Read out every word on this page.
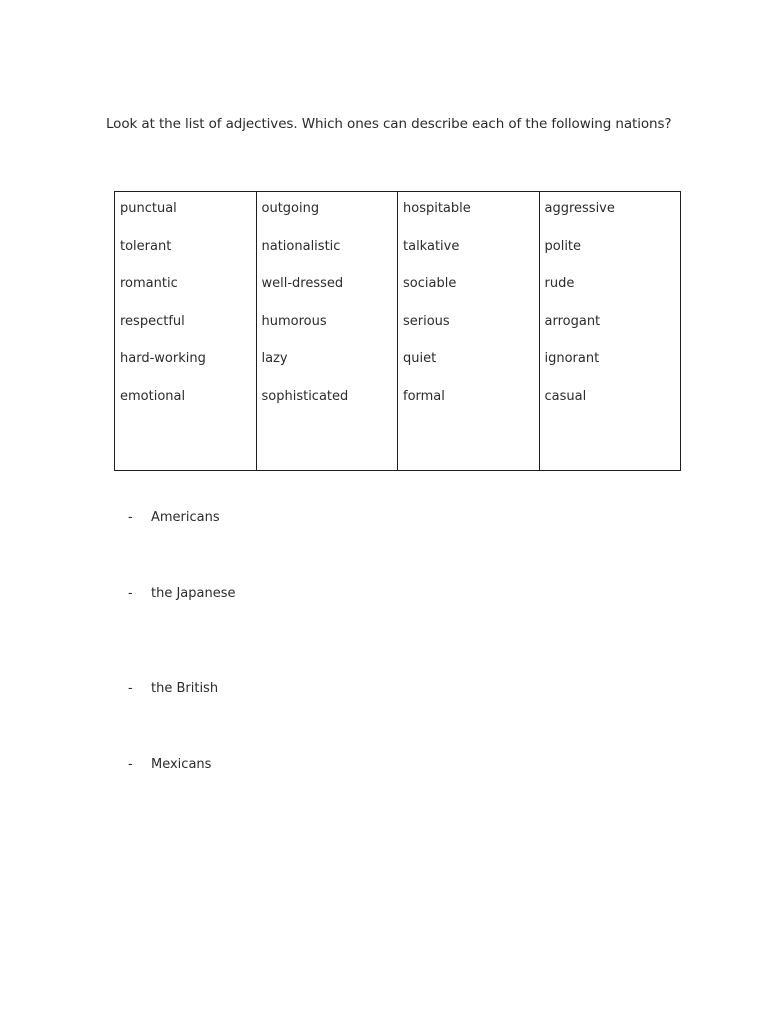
Look at the list of adjectives. Which ones can describe each of the following nations?
punctual
tolerant
romantic
respectful
hard-working
emotional

outgoing
nationalistic
well-dressed
humorous
lazy
sophisticated

hospitable
talkative
sociable
serious
quiet
formal

aggressive
polite
rude
arrogant
ignorant
casual
- Americans
- the Japanese
- the British
- Mexicans
